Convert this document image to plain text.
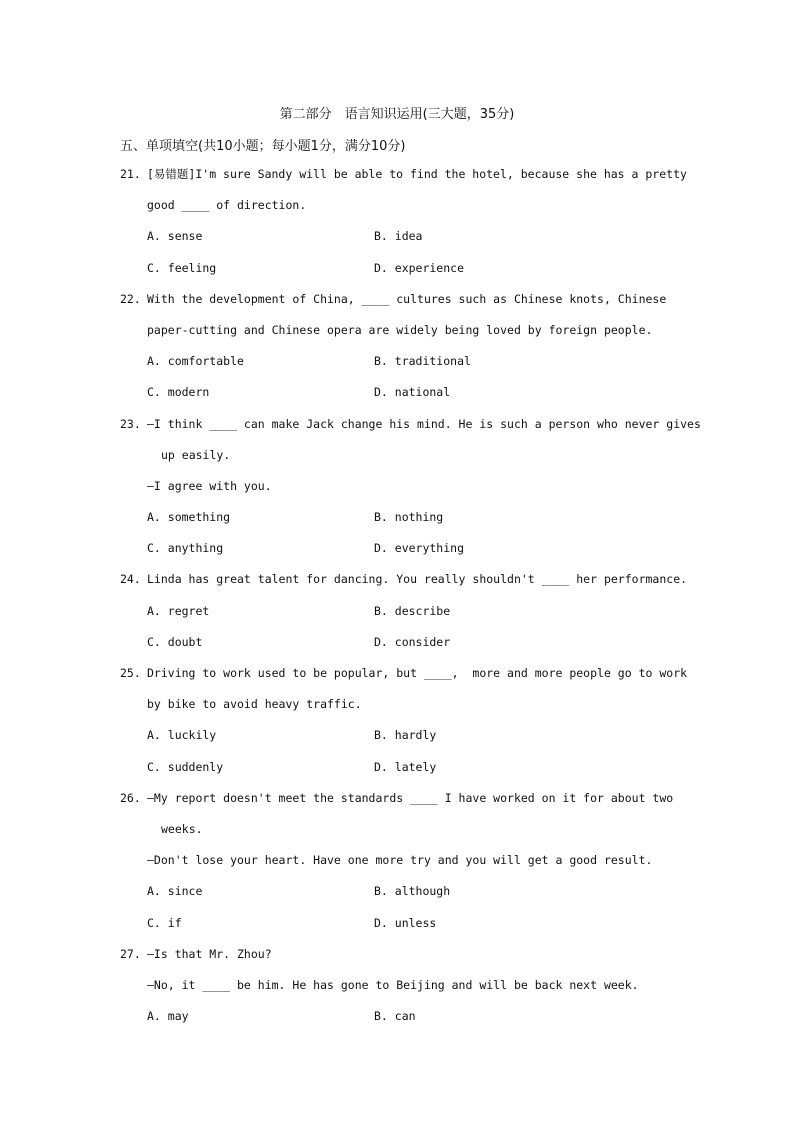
第二部分　语言知识运用(三大题，35分)
五、单项填空(共10小题；每小题1分，满分10分)
21. [易错题]I'm sure Sandy will be able to find the hotel, because she has a pretty
good ____ of direction.
A. sense	B. idea
C. feeling	D. experience
22. With the development of China, ____ cultures such as Chinese knots, Chinese
paper-cutting and Chinese opera are widely being loved by foreign people.
A. comfortable	B. traditional
C. modern	D. national
23. —I think ____ can make Jack change his mind. He is such a person who never gives
up easily.
—I agree with you.
A. something	B. nothing
C. anything	D. everything
24. Linda has great talent for dancing. You really shouldn't ____ her performance.
A. regret	B. describe
C. doubt	D. consider
25. Driving to work used to be popular, but ____,  more and more people go to work
by bike to avoid heavy traffic.
A. luckily	B. hardly
C. suddenly	D. lately
26. —My report doesn't meet the standards ____ I have worked on it for about two
weeks.
—Don't lose your heart. Have one more try and you will get a good result.
A. since	B. although
C. if	D. unless
27. —Is that Mr. Zhou?
—No, it ____ be him. He has gone to Beijing and will be back next week.
A. may	B. can
